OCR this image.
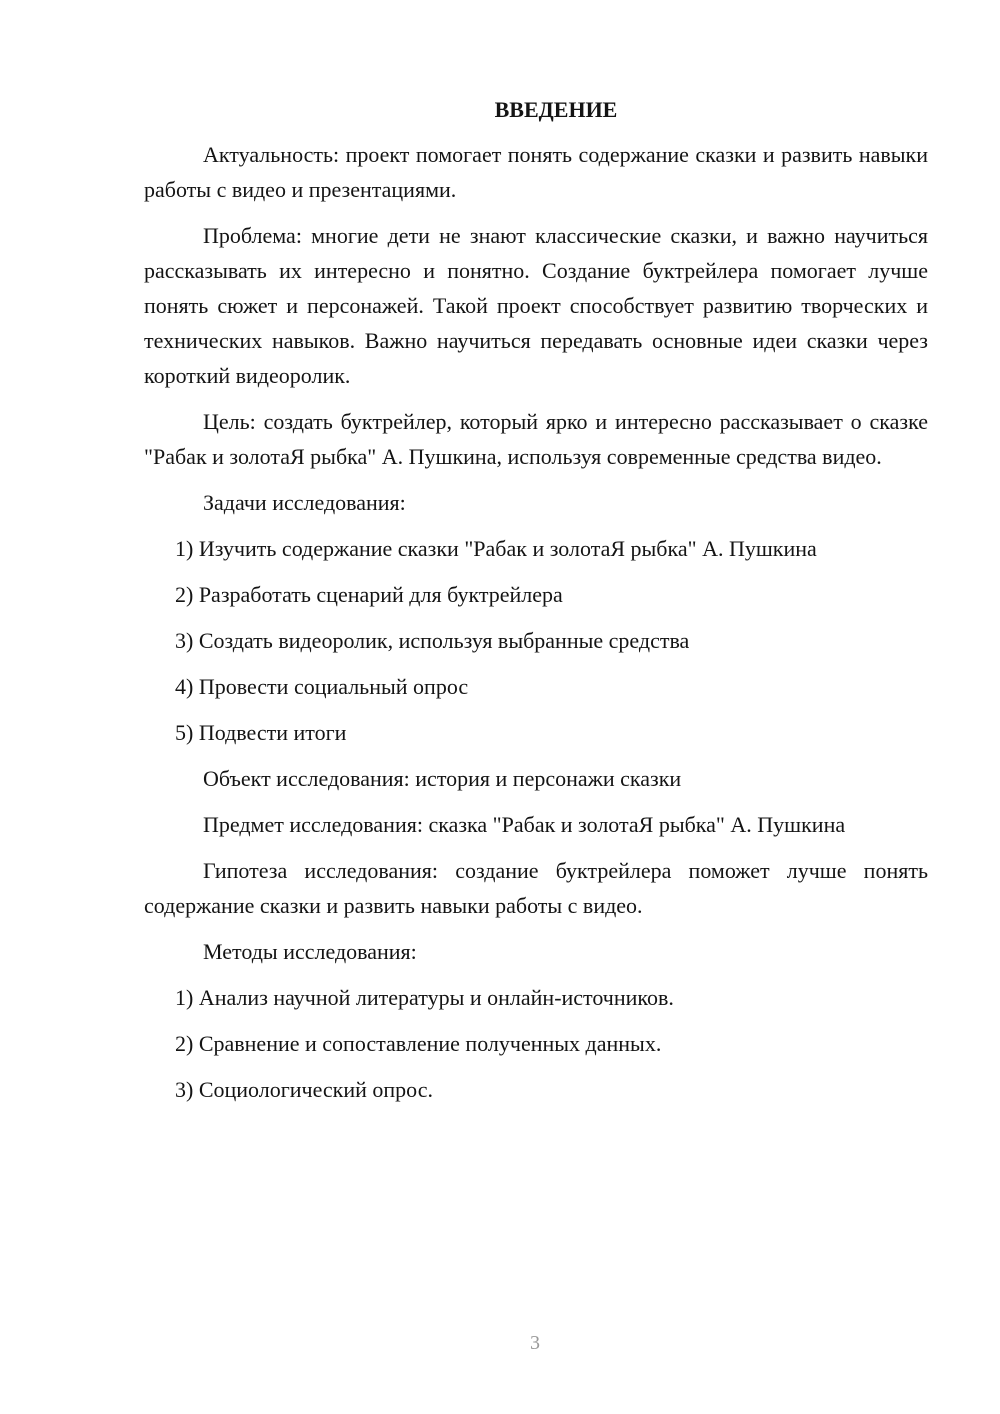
ВВЕДЕНИЕ

Актуальность: проект помогает понять содержание сказки и развить навыки работы с видео и презентациями.

Проблема: многие дети не знают классические сказки, и важно научиться рассказывать их интересно и понятно. Создание буктрейлера помогает лучше понять сюжет и персонажей. Такой проект способствует развитию творческих и технических навыков. Важно научиться передавать основные идеи сказки через короткий видеоролик.

Цель: создать буктрейлер, который ярко и интересно рассказывает о сказке "Рабак и золотаЯ рыбка" А. Пушкина, используя современные средства видео.

Задачи исследования:

1) Изучить содержание сказки "Рабак и золотаЯ рыбка" А. Пушкина

2) Разработать сценарий для буктрейлера

3) Создать видеоролик, используя выбранные средства

4) Провести социальный опрос

5) Подвести итоги

Объект исследования: история и персонажи сказки

Предмет исследования: сказка "Рабак и золотаЯ рыбка" А. Пушкина

Гипотеза исследования: создание буктрейлера поможет лучше понять содержание сказки и развить навыки работы с видео.

Методы исследования:

1) Анализ научной литературы и онлайн-источников.

2) Сравнение и сопоставление полученных данных.

3) Социологический опрос.

3
